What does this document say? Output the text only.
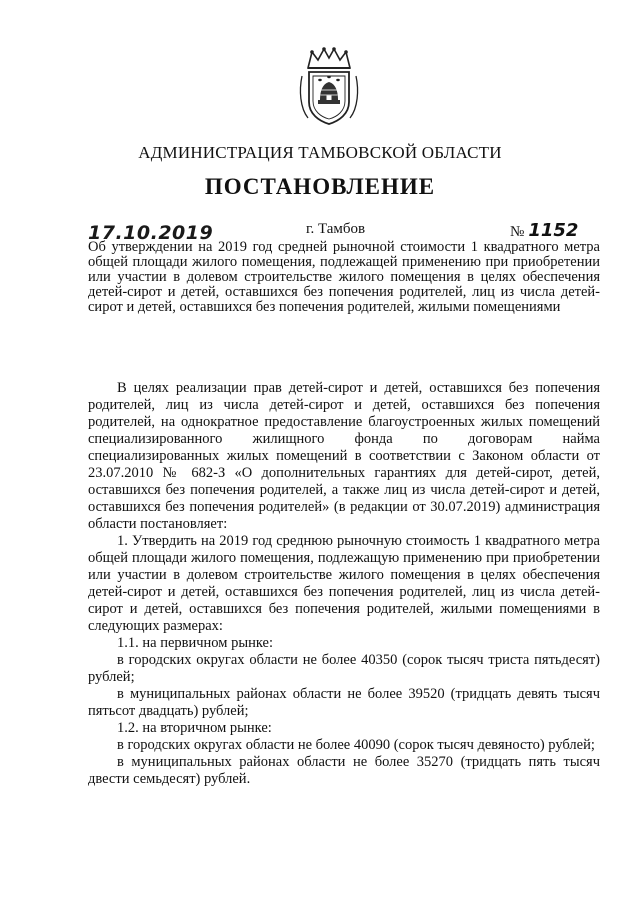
АДМИНИСТРАЦИЯ ТАМБОВСКОЙ ОБЛАСТИ
ПОСТАНОВЛЕНИЕ
17.10.2019	г. Тамбов	№ 1152
Об утверждении на 2019 год средней рыночной стоимости 1 квадратного метра общей площади жилого помещения, подлежащей применению при приобретении или участии в долевом строительстве жилого помещения в целях обеспечения детей-сирот и детей, оставшихся без попечения родителей, лиц из числа детей-сирот и детей, оставшихся без попечения родителей, жилыми помещениями

В целях реализации прав детей-сирот и детей, оставшихся без попечения родителей, лиц из числа детей-сирот и детей, оставшихся без попечения родителей, на однократное предоставление благоустроенных жилых помещений специализированного жилищного фонда по договорам найма специализированных жилых помещений в соответствии с Законом области от 23.07.2010 № 682-З «О дополнительных гарантиях для детей-сирот, детей, оставшихся без попечения родителей, а также лиц из числа детей-сирот и детей, оставшихся без попечения родителей» (в редакции от 30.07.2019) администрация области постановляет:

1. Утвердить на 2019 год среднюю рыночную стоимость 1 квадратного метра общей площади жилого помещения, подлежащую применению при приобретении или участии в долевом строительстве жилого помещения в целях обеспечения детей-сирот и детей, оставшихся без попечения родителей, лиц из числа детей-сирот и детей, оставшихся без попечения родителей, жилыми помещениями в следующих размерах:

1.1. на первичном рынке:

в городских округах области не более 40350 (сорок тысяч триста пятьдесят) рублей;

в муниципальных районах области не более 39520 (тридцать девять тысяч пятьсот двадцать) рублей;

1.2. на вторичном рынке:

в городских округах области не более 40090 (сорок тысяч девяносто) рублей;

в муниципальных районах области не более 35270 (тридцать пять тысяч двести семьдесят) рублей.
